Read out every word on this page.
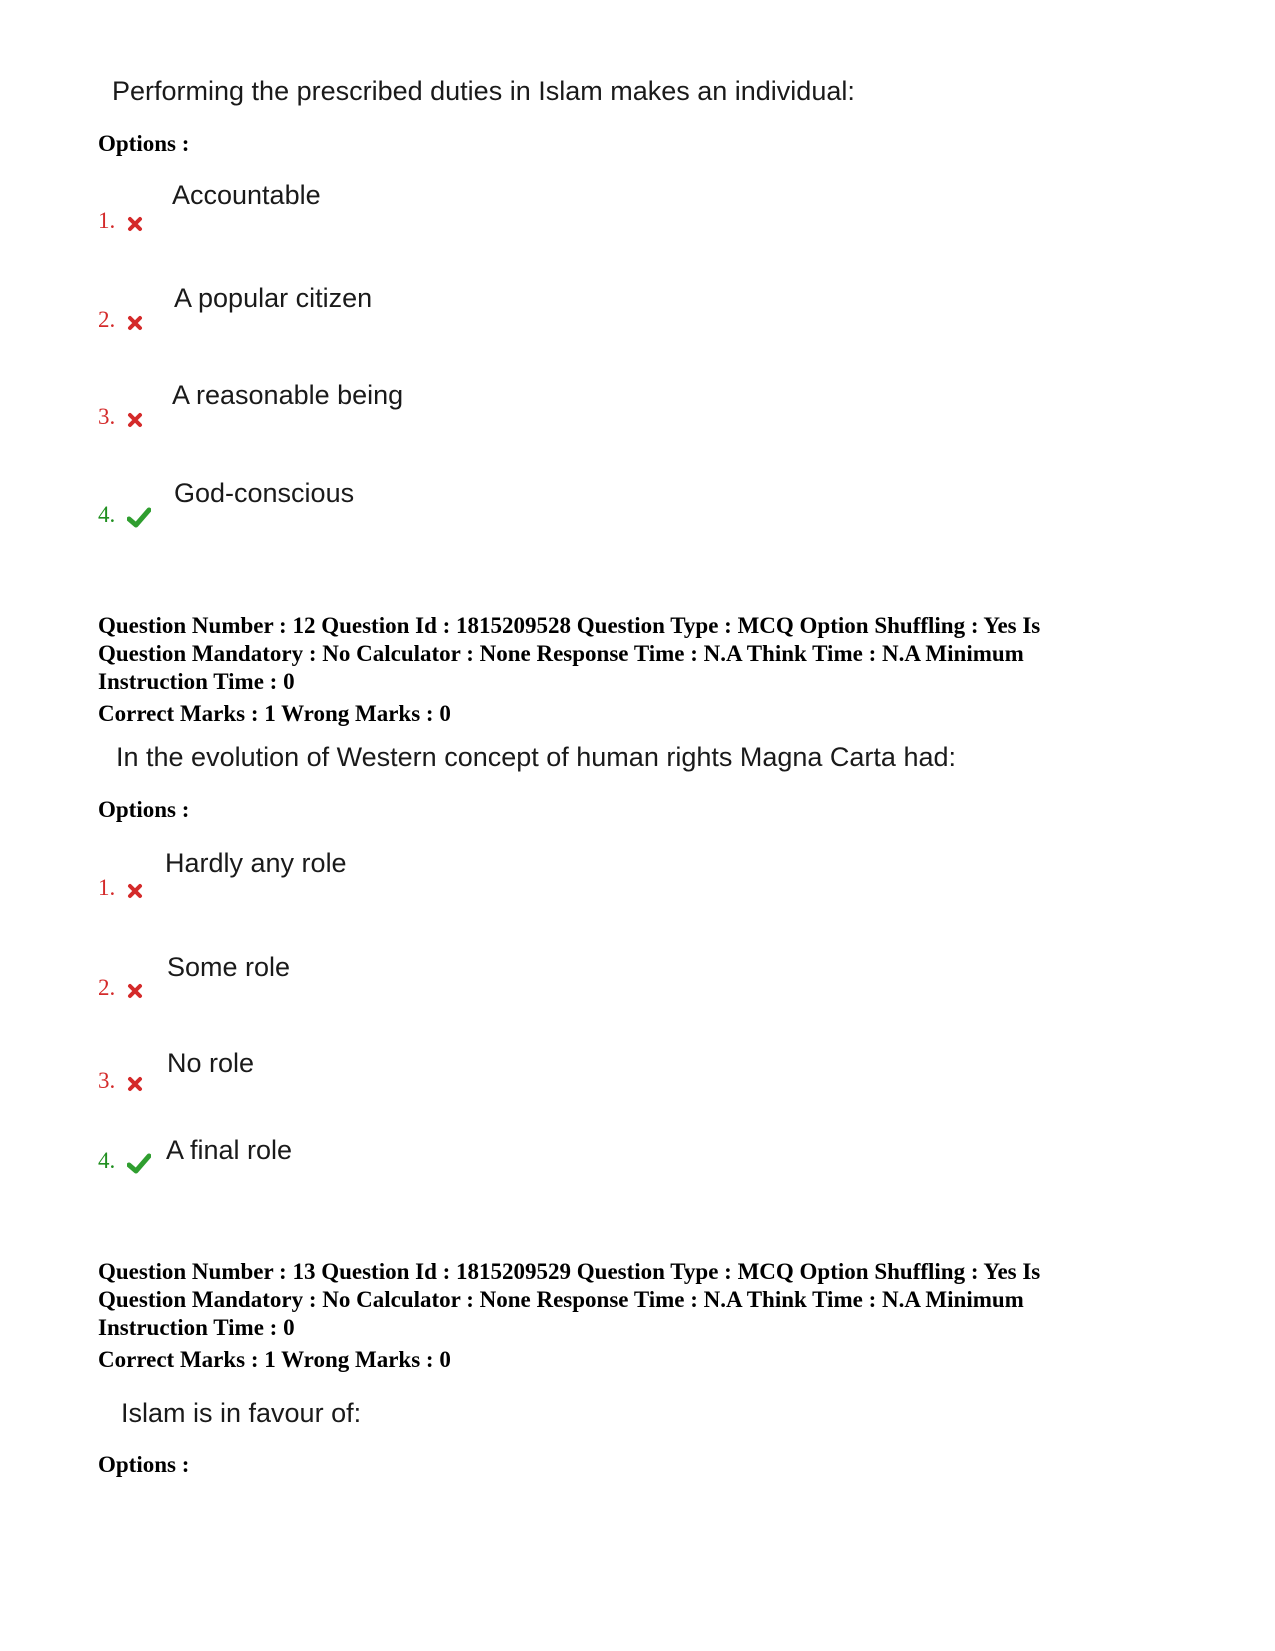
Performing the prescribed duties in Islam makes an individual:
Options :
Accountable
1.
A popular citizen
2.
A reasonable being
3.
God-conscious
4.
Question Number : 12 Question Id : 1815209528 Question Type : MCQ Option Shuffling : Yes Is
Question Mandatory : No Calculator : None Response Time : N.A Think Time : N.A Minimum
Instruction Time : 0
Correct Marks : 1 Wrong Marks : 0
In the evolution of Western concept of human rights Magna Carta had:
Options :
Hardly any role
1.
Some role
2.
No role
3.
A final role
4.
Question Number : 13 Question Id : 1815209529 Question Type : MCQ Option Shuffling : Yes Is
Question Mandatory : No Calculator : None Response Time : N.A Think Time : N.A Minimum
Instruction Time : 0
Correct Marks : 1 Wrong Marks : 0
Islam is in favour of:
Options :
